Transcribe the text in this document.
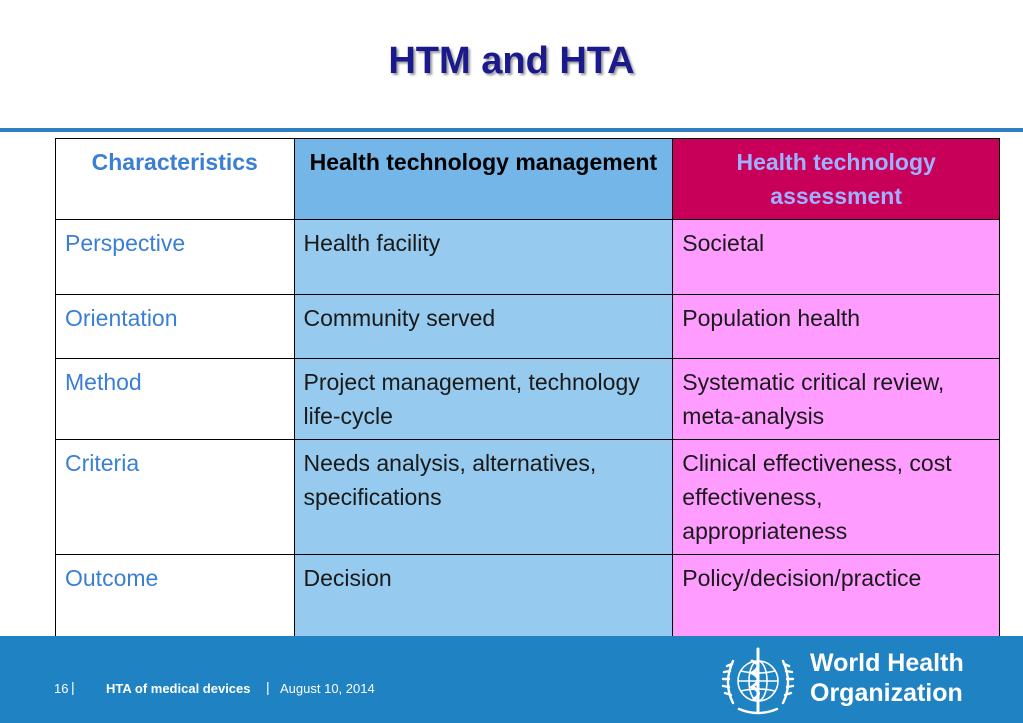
HTM and HTA
Characteristics	Health technology management	Health technology assessment
Perspective	Health facility	Societal
Orientation	Community served	Population health
Method	Project management, technology life-cycle	Systematic critical review, meta-analysis
Criteria	Needs analysis, alternatives, specifications	Clinical effectiveness, cost effectiveness, appropriateness
Outcome	Decision	Policy/decision/practice
16 | HTA of medical devices | August 10, 2014
World Health
Organization
